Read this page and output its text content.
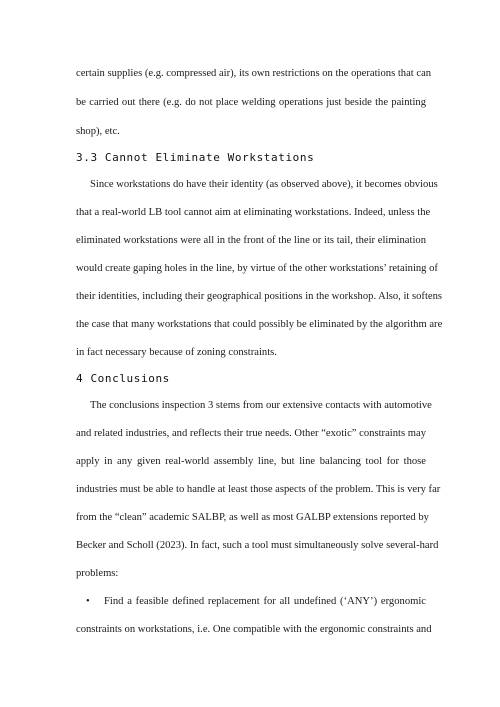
certain supplies (e.g. compressed air), its own restrictions on the operations that can
be carried out there (e.g. do not place welding operations just beside the painting
shop), etc.
3.3 Cannot Eliminate Workstations
Since workstations do have their identity (as observed above), it becomes obvious
that a real-world LB tool cannot aim at eliminating workstations. Indeed, unless the
eliminated workstations were all in the front of the line or its tail, their elimination
would create gaping holes in the line, by virtue of the other workstations’ retaining of
their identities, including their geographical positions in the workshop. Also, it softens
the case that many workstations that could possibly be eliminated by the algorithm are
in fact necessary because of zoning constraints.
4 Conclusions
The conclusions inspection 3 stems from our extensive contacts with automotive
and related industries, and reflects their true needs. Other “exotic” constraints may
apply in any given real-world assembly line, but line balancing tool for those
industries must be able to handle at least those aspects of the problem. This is very far
from the “clean” academic SALBP, as well as most GALBP extensions reported by
Becker and Scholl (2023). In fact, such a tool must simultaneously solve several-hard
problems:
• Find a feasible defined replacement for all undefined (‘ANY’) ergonomic
constraints on workstations, i.e. One compatible with the ergonomic constraints and
